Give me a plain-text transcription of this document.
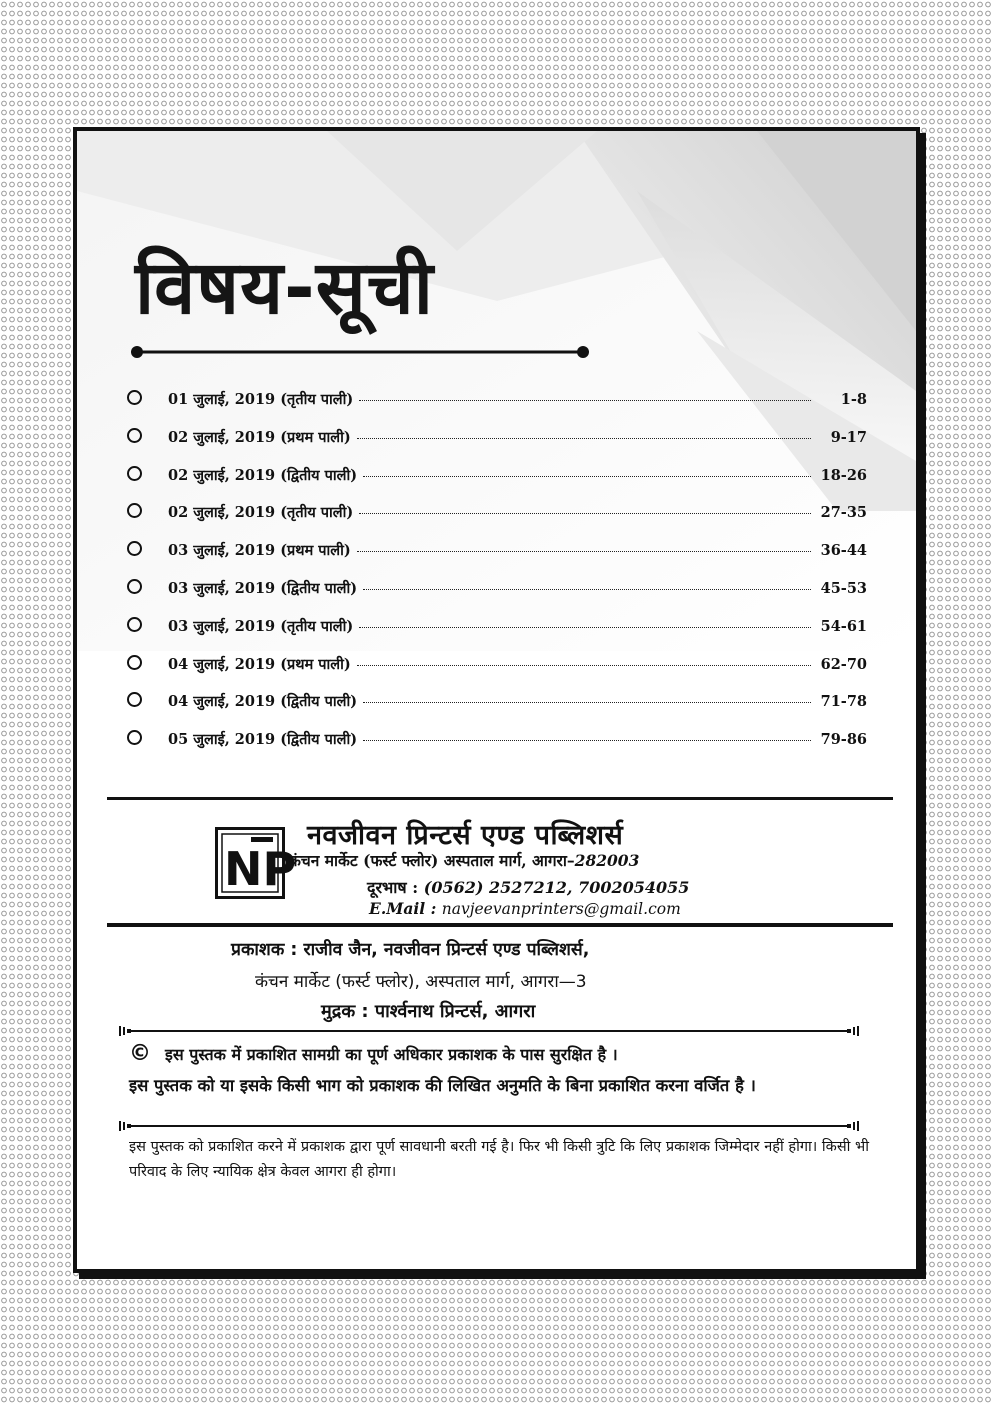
विषय-सूची
01 जुलाई, 2019 (तृतीय पाली)	1-8
02 जुलाई, 2019 (प्रथम पाली)	9-17
02 जुलाई, 2019 (द्वितीय पाली)	18-26
02 जुलाई, 2019 (तृतीय पाली)	27-35
03 जुलाई, 2019 (प्रथम पाली)	36-44
03 जुलाई, 2019 (द्वितीय पाली)	45-53
03 जुलाई, 2019 (तृतीय पाली)	54-61
04 जुलाई, 2019 (प्रथम पाली)	62-70
04 जुलाई, 2019 (द्वितीय पाली)	71-78
05 जुलाई, 2019 (द्वितीय पाली)	79-86
NP
नवजीवन प्रिन्टर्स एण्ड पब्लिशर्स
कंचन मार्केट (फर्स्ट फ्लोर) अस्पताल मार्ग, आगरा–282003
दूरभाष : (0562) 2527212, 7002054055
E.Mail : navjeevanprinters@gmail.com
प्रकाशक : राजीव जैन, नवजीवन प्रिन्टर्स एण्ड पब्लिशर्स,
कंचन मार्केट (फर्स्ट फ्लोर), अस्पताल मार्ग, आगरा—3
मुद्रक : पार्श्वनाथ प्रिन्टर्स, आगरा
© इस पुस्तक में प्रकाशित सामग्री का पूर्ण अधिकार प्रकाशक के पास सुरक्षित है ।
इस पुस्तक को या इसके किसी भाग को प्रकाशक की लिखित अनुमति के बिना प्रकाशित करना वर्जित है ।
इस पुस्तक को प्रकाशित करने में प्रकाशक द्वारा पूर्ण सावधानी बरती गई है। फिर भी किसी त्रुटि कि लिए प्रकाशक जिम्मेदार नहीं होगा। किसी भी परिवाद के लिए न्यायिक क्षेत्र केवल आगरा ही होगा।
